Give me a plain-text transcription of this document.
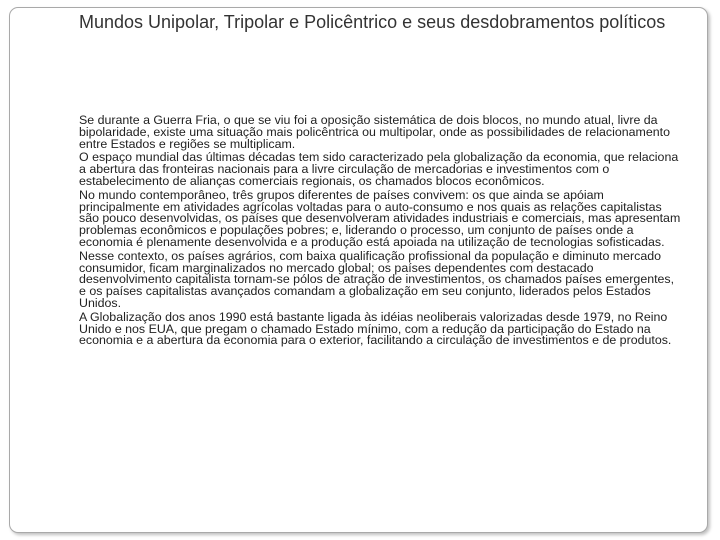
Mundos Unipolar, Tripolar e Policêntrico e seus desdobramentos políticos

Se durante a Guerra Fria, o que se viu foi a oposição sistemática de dois blocos, no mundo atual, livre da bipolaridade, existe uma situação mais policêntrica ou multipolar, onde as possibilidades de relacionamento entre Estados e regiões se multiplicam.

O espaço mundial das últimas décadas tem sido caracterizado pela globalização da economia, que relaciona a abertura das fronteiras nacionais para a livre circulação de mercadorias e investimentos com o estabelecimento de alianças comerciais regionais, os chamados blocos econômicos.

No mundo contemporâneo, três grupos diferentes de países convivem: os que ainda se apóiam principalmente em atividades agrícolas voltadas para o auto-consumo e nos quais as relações capitalistas são pouco desenvolvidas, os países que desenvolveram atividades industriais e comerciais, mas apresentam problemas econômicos e populações pobres; e, liderando o processo, um conjunto de países onde a economia é plenamente desenvolvida e a produção está apoiada na utilização de tecnologias sofisticadas.

Nesse contexto, os países agrários, com baixa qualificação profissional da população e diminuto mercado consumidor, ficam marginalizados no mercado global; os países dependentes com destacado desenvolvimento capitalista tornam-se pólos de atração de investimentos, os chamados países emergentes, e os países capitalistas avançados comandam a globalização em seu conjunto, liderados pelos Estados Unidos.

A Globalização dos anos 1990 está bastante ligada às idéias neoliberais valorizadas desde 1979, no Reino Unido e nos EUA, que pregam o chamado Estado mínimo, com a redução da participação do Estado na economia e a abertura da economia para o exterior, facilitando a circulação de investimentos e de produtos.
